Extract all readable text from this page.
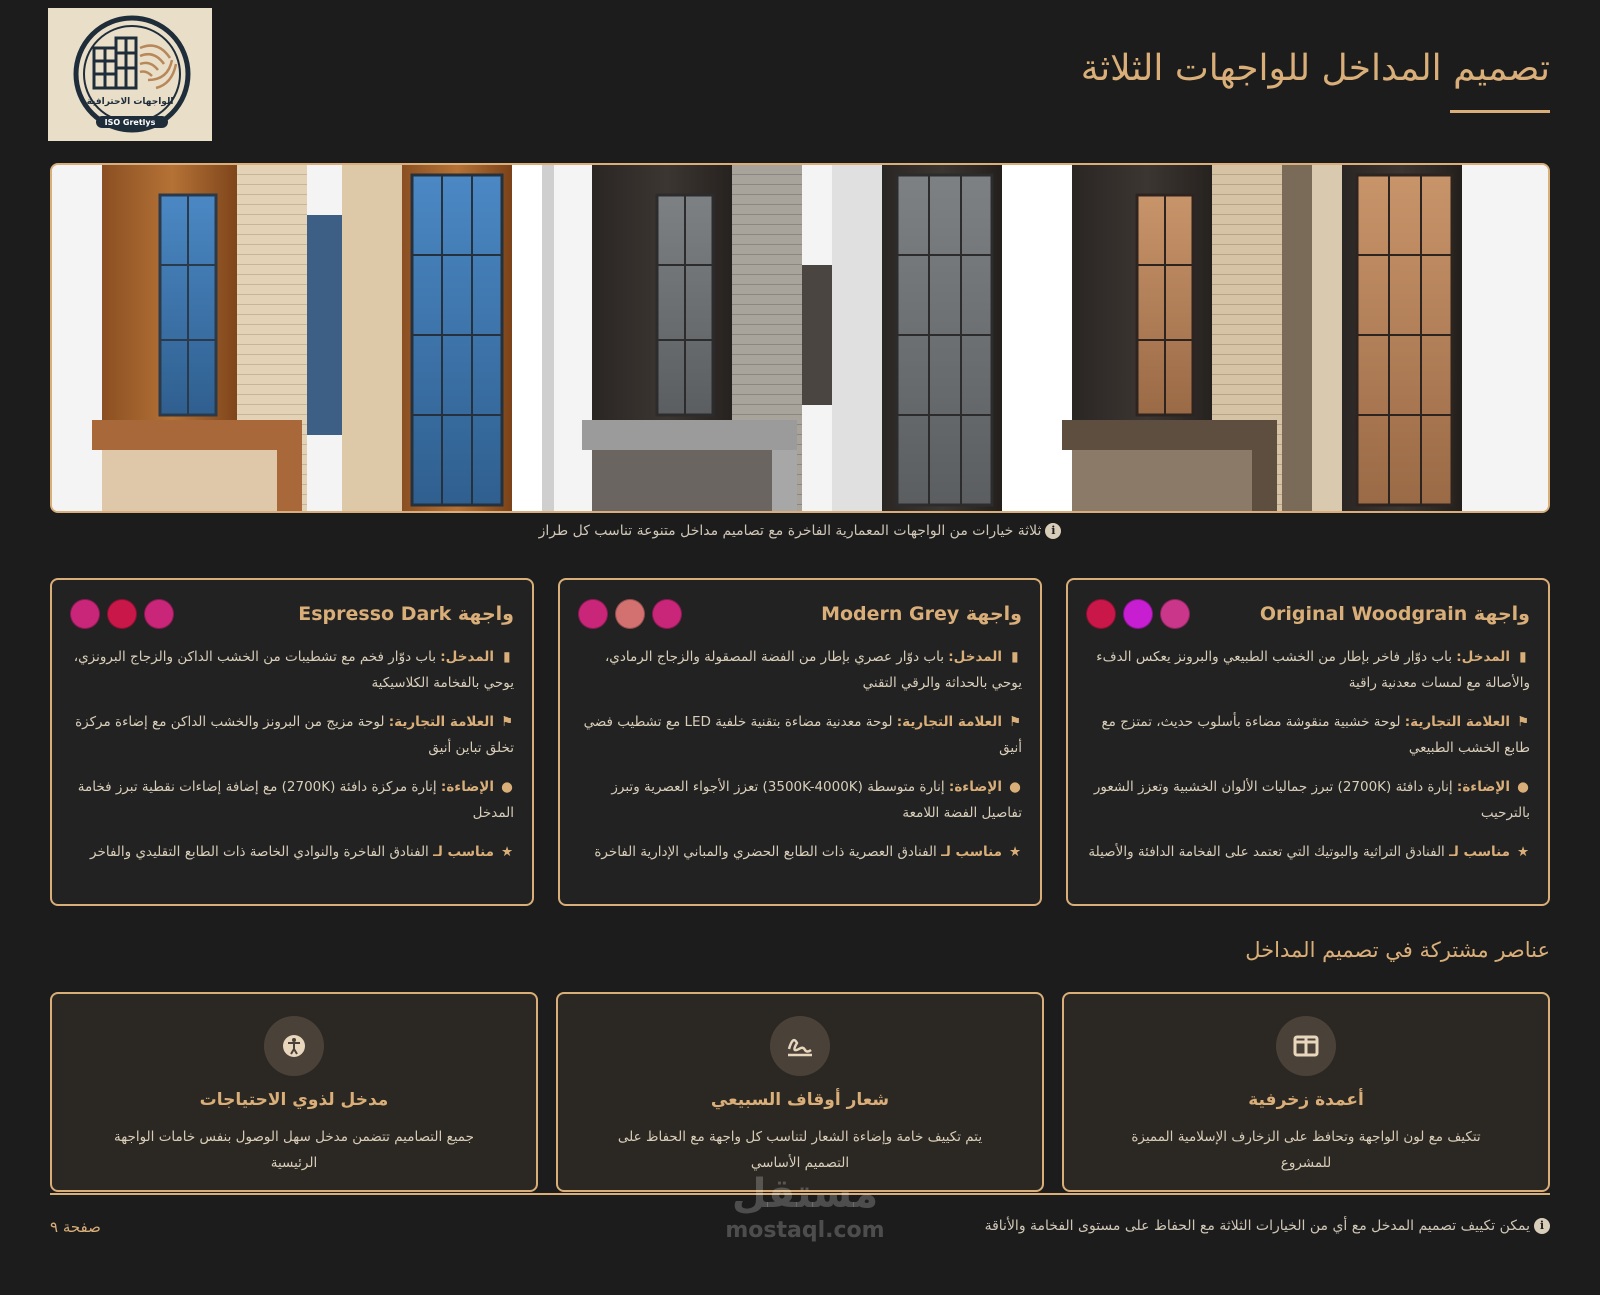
الواجهات الاحترافية
ISO Gretlys
تصميم المداخل للواجهات الثلاثة
iثلاثة خيارات من الواجهات المعمارية الفاخرة مع تصاميم مداخل متنوعة تناسب كل طراز
واجهة Original Woodgrain
▮المدخل: باب دوّار فاخر بإطار من الخشب الطبيعي والبرونز يعكس الدفء والأصالة مع لمسات معدنية راقية
⚑العلامة التجارية: لوحة خشبية منقوشة مضاءة بأسلوب حديث، تمتزج مع طابع الخشب الطبيعي
●الإضاءة: إنارة دافئة (2700K) تبرز جماليات الألوان الخشبية وتعزز الشعور بالترحيب
★مناسب لـ الفنادق التراثية والبوتيك التي تعتمد على الفخامة الدافئة والأصيلة
واجهة Modern Grey
▮المدخل: باب دوّار عصري بإطار من الفضة المصقولة والزجاج الرمادي، يوحي بالحداثة والرقي التقني
⚑العلامة التجارية: لوحة معدنية مضاءة بتقنية خلفية LED مع تشطيب فضي أنيق
●الإضاءة: إنارة متوسطة (3500K-4000K) تعزز الأجواء العصرية وتبرز تفاصيل الفضة اللامعة
★مناسب لـ الفنادق العصرية ذات الطابع الحضري والمباني الإدارية الفاخرة
واجهة Espresso Dark
▮المدخل: باب دوّار فخم مع تشطيبات من الخشب الداكن والزجاج البرونزي، يوحي بالفخامة الكلاسيكية
⚑العلامة التجارية: لوحة مزيج من البرونز والخشب الداكن مع إضاءة مركزة تخلق تباين أنيق
●الإضاءة: إنارة مركزة دافئة (2700K) مع إضافة إضاءات نقطية تبرز فخامة المدخل
★مناسب لـ الفنادق الفاخرة والنوادي الخاصة ذات الطابع التقليدي والفاخر
عناصر مشتركة في تصميم المداخل
أعمدة زخرفية
تتكيف مع لون الواجهة وتحافظ على الزخارف الإسلامية المميزة للمشروع
شعار أوقاف السبيعي
يتم تكييف خامة وإضاءة الشعار لتناسب كل واجهة مع الحفاظ على التصميم الأساسي
مدخل لذوي الاحتياجات
جميع التصاميم تتضمن مدخل سهل الوصول بنفس خامات الواجهة الرئيسية
iيمكن تكييف تصميم المدخل مع أي من الخيارات الثلاثة مع الحفاظ على مستوى الفخامة والأناقة
صفحة ٩
مستقل
mostaql.com
